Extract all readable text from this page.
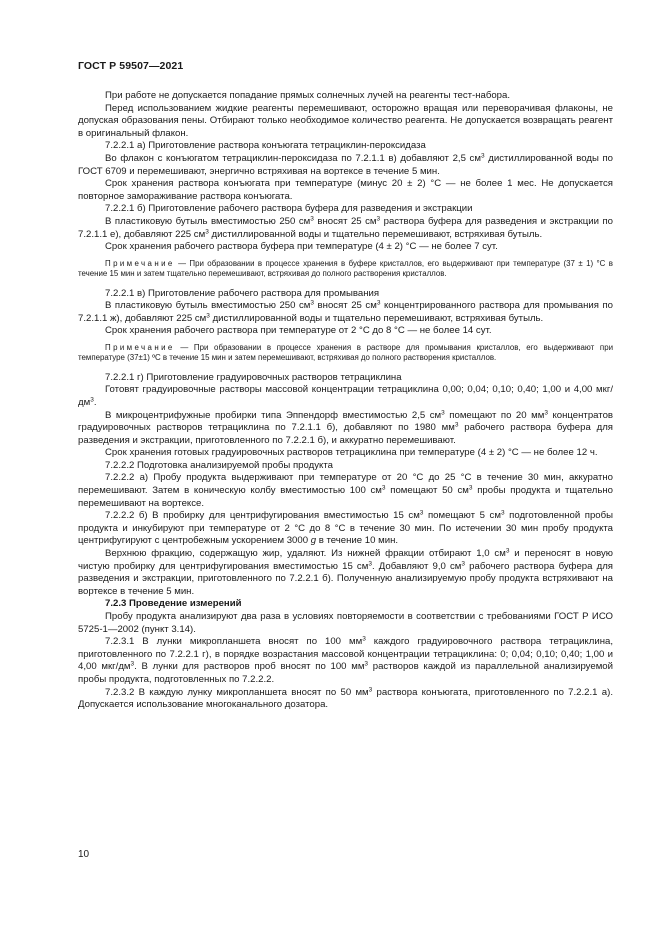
ГОСТ Р 59507—2021

При работе не допускается попадание прямых солнечных лучей на реагенты тест-набора.

Перед использованием жидкие реагенты перемешивают, осторожно вращая или переворачивая флаконы, не допуская образования пены. Отбирают только необходимое количество реагента. Не допускается возвращать реагент в оригинальный флакон.

7.2.2.1 а) Приготовление раствора конъюгата тетрациклин-пероксидаза

Во флакон с конъюгатом тетрациклин-пероксидаза по 7.2.1.1 в) добавляют 2,5 $см^3$ дистиллированной воды по ГОСТ 6709 и перемешивают, энергично встряхивая на вортексе в течение 5 мин.

Срок хранения раствора конъюгата при температуре (минус 20 ± 2) °С — не более 1 мес. Не допускается повторное замораживание раствора конъюгата.

7.2.2.1 б) Приготовление рабочего раствора буфера для разведения и экстракции

В пластиковую бутыль вместимостью 250 $см^3$ вносят 25 $см^3$ раствора буфера для разведения и экстракции по 7.2.1.1 е), добавляют 225 $см^3$ дистиллированной воды и тщательно перемешивают, встряхивая бутыль.

Срок хранения рабочего раствора буфера при температуре (4 ± 2) °С — не более 7 сут.

Примечание — При образовании в процессе хранения в буфере кристаллов, его выдерживают при температуре (37 ± 1) °С в течение 15 мин и затем тщательно перемешивают, встряхивая до полного растворения кристаллов.

7.2.2.1 в) Приготовление рабочего раствора для промывания

В пластиковую бутыль вместимостью 250 $см^3$ вносят 25 $см^3$ концентрированного раствора для промывания по 7.2.1.1 ж), добавляют 225 $см^3$ дистиллированной воды и тщательно перемешивают, встряхивая бутыль.

Срок хранения рабочего раствора при температуре от 2 °С до 8 °С — не более 14 сут.

Примечание — При образовании в процессе хранения в растворе для промывания кристаллов, его выдерживают при температуре (37±1) ºС в течение 15 мин и затем перемешивают, встряхивая до полного растворения кристаллов.

7.2.2.1 г) Приготовление градуировочных растворов тетрациклина

Готовят градуировочные растворы массовой концентрации тетрациклина 0,00; 0,04; 0,10; 0,40; 1,00 и 4,00 мкг/$дм^3$.

В микроцентрифужные пробирки типа Эппендорф вместимостью 2,5 $см^3$ помещают по 20 $мм^3$ концентратов градуировочных растворов тетрациклина по 7.2.1.1 б), добавляют по 1980 $мм^3$ рабочего раствора буфера для разведения и экстракции, приготовленного по 7.2.2.1 б), и аккуратно перемешивают.

Срок хранения готовых градуировочных растворов тетрациклина при температуре (4 ± 2) °С — не более 12 ч.

7.2.2.2 Подготовка анализируемой пробы продукта

7.2.2.2 а) Пробу продукта выдерживают при температуре от 20 °С до 25 °С в течение 30 мин, аккуратно перемешивают. Затем в коническую колбу вместимостью 100 $см^3$ помещают 50 $см^3$ пробы продукта и тщательно перемешивают на вортексе.

7.2.2.2 б) В пробирку для центрифугирования вместимостью 15 $см^3$ помещают 5 $см^3$ подготовленной пробы продукта и инкубируют при температуре от 2 °С до 8 °С в течение 30 мин. По истечении 30 мин пробу продукта центрифугируют с центробежным ускорением 3000 g в течение 10 мин.

Верхнюю фракцию, содержащую жир, удаляют. Из нижней фракции отбирают 1,0 $см^3$ и переносят в новую чистую пробирку для центрифугирования вместимостью 15 $см^3$. Добавляют 9,0 $см^3$ рабочего раствора буфера для разведения и экстракции, приготовленного по 7.2.2.1 б). Полученную анализируемую пробу продукта встряхивают на вортексе в течение 5 мин.

7.2.3 Проведение измерений

Пробу продукта анализируют два раза в условиях повторяемости в соответствии с требованиями ГОСТ Р ИСО 5725-1—2002 (пункт 3.14).

7.2.3.1 В лунки микропланшета вносят по 100 $мм^3$ каждого градуировочного раствора тетрациклина, приготовленного по 7.2.2.1 г), в порядке возрастания массовой концентрации тетрациклина: 0; 0,04; 0,10; 0,40; 1,00 и 4,00 мкг/$дм^3$. В лунки для растворов проб вносят по 100 $мм^3$ растворов каждой из параллельной анализируемой пробы продукта, подготовленных по 7.2.2.2.

7.2.3.2 В каждую лунку микропланшета вносят по 50 $мм^3$ раствора конъюгата, приготовленного по 7.2.2.1 а). Допускается использование многоканального дозатора.

10
